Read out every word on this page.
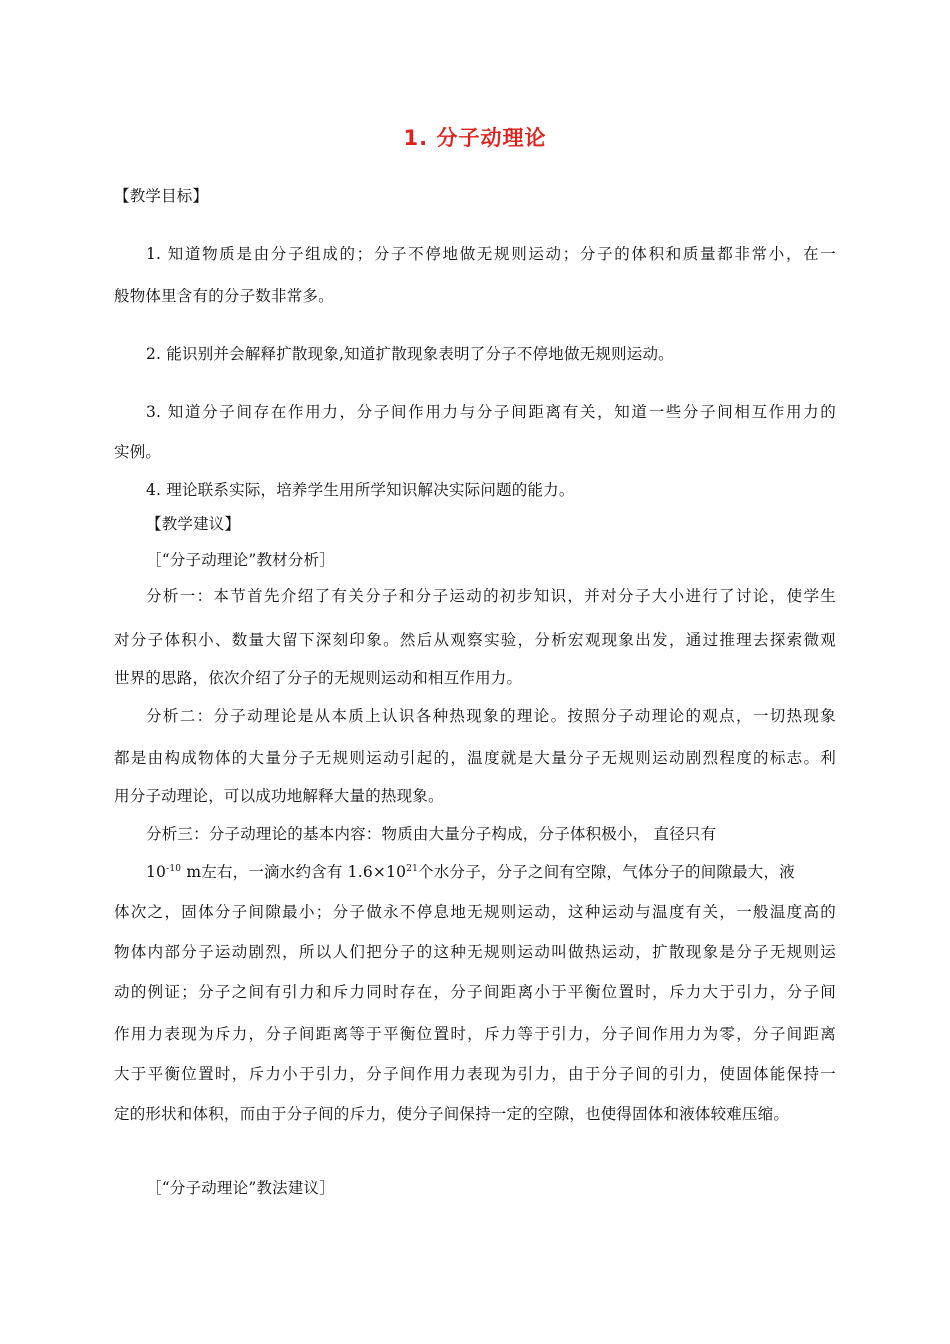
1. 分子动理论
【教学目标】
1. 知道物质是由分子组成的；分子不停地做无规则运动；分子的体积和质量都非常小，在一
般物体里含有的分子数非常多。
2. 能识别并会解释扩散现象,知道扩散现象表明了分子不停地做无规则运动。
3. 知道分子间存在作用力，分子间作用力与分子间距离有关，知道一些分子间相互作用力的
实例。
4. 理论联系实际，培养学生用所学知识解决实际问题的能力。
【教学建议】
［“分子动理论”教材分析］
分析一：本节首先介绍了有关分子和分子运动的初步知识，并对分子大小进行了讨论，使学生
对分子体积小、数量大留下深刻印象。然后从观察实验，分析宏观现象出发，通过推理去探索微观
世界的思路，依次介绍了分子的无规则运动和相互作用力。
分析二：分子动理论是从本质上认识各种热现象的理论。按照分子动理论的观点，一切热现象
都是由构成物体的大量分子无规则运动引起的，温度就是大量分子无规则运动剧烈程度的标志。利
用分子动理论，可以成功地解释大量的热现象。
分析三：分子动理论的基本内容：物质由大量分子构成，分子体积极小， 直径只有
$10^{-10}$ m左右，一滴水约含有 $1.6\times 10^{21}$个水分子，分子之间有空隙，气体分子的间隙最大，液
体次之，固体分子间隙最小；分子做永不停息地无规则运动，这种运动与温度有关，一般温度高的
物体内部分子运动剧烈，所以人们把分子的这种无规则运动叫做热运动，扩散现象是分子无规则运
动的例证；分子之间有引力和斥力同时存在，分子间距离小于平衡位置时，斥力大于引力，分子间
作用力表现为斥力，分子间距离等于平衡位置时，斥力等于引力，分子间作用力为零，分子间距离
大于平衡位置时，斥力小于引力，分子间作用力表现为引力，由于分子间的引力，使固体能保持一
定的形状和体积，而由于分子间的斥力，使分子间保持一定的空隙，也使得固体和液体较难压缩。
［“分子动理论”教法建议］
